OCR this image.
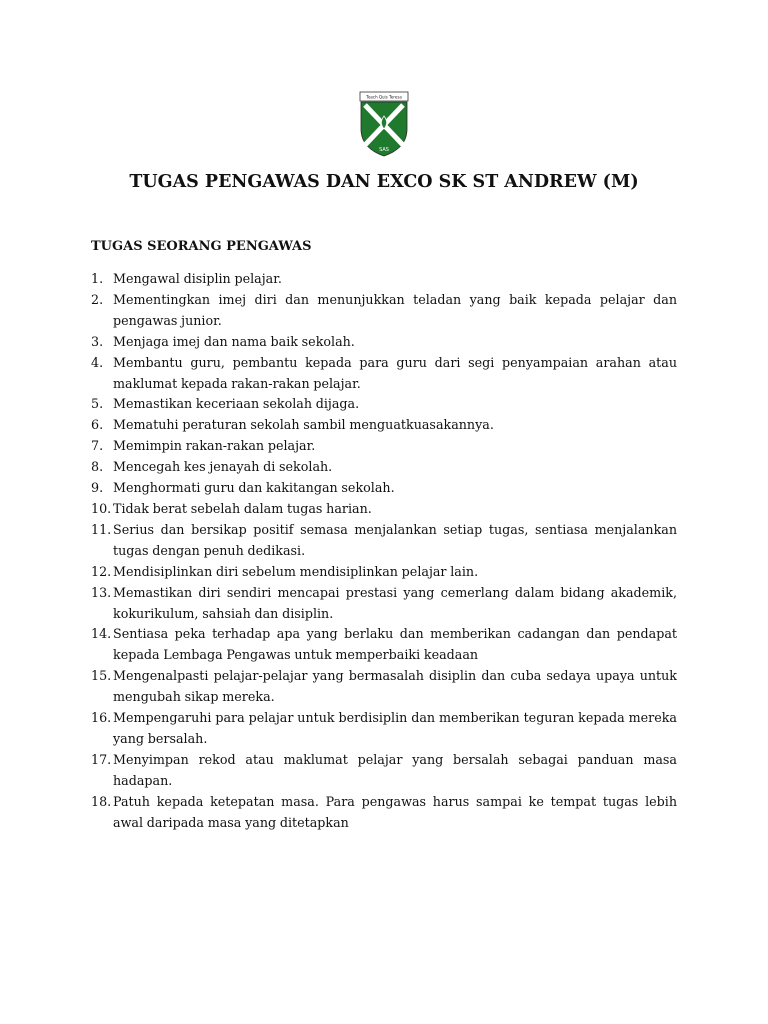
Teach Quis Teresa
SAS
TUGAS PENGAWAS DAN EXCO SK ST ANDREW (M)
TUGAS SEORANG PENGAWAS
1. Mengawal disiplin pelajar.
2. Mementingkan imej diri dan menunjukkan teladan yang baik kepada pelajar dan pengawas junior.
3. Menjaga imej dan nama baik sekolah.
4. Membantu guru, pembantu kepada para guru dari segi penyampaian arahan atau maklumat kepada rakan-rakan pelajar.
5. Memastikan keceriaan sekolah dijaga.
6. Mematuhi peraturan sekolah sambil menguatkuasakannya.
7. Memimpin rakan-rakan pelajar.
8. Mencegah kes jenayah di sekolah.
9. Menghormati guru dan kakitangan sekolah.
10. Tidak berat sebelah dalam tugas harian.
11. Serius dan bersikap positif semasa menjalankan setiap tugas, sentiasa menjalankan tugas dengan penuh dedikasi.
12. Mendisiplinkan diri sebelum mendisiplinkan pelajar lain.
13. Memastikan diri sendiri mencapai prestasi yang cemerlang dalam bidang akademik, kokurikulum, sahsiah dan disiplin.
14. Sentiasa peka terhadap apa yang berlaku dan memberikan cadangan dan pendapat kepada Lembaga Pengawas untuk memperbaiki keadaan
15. Mengenalpasti pelajar-pelajar yang bermasalah disiplin dan cuba sedaya upaya untuk mengubah sikap mereka.
16. Mempengaruhi para pelajar untuk berdisiplin dan memberikan teguran kepada mereka yang bersalah.
17. Menyimpan rekod atau maklumat pelajar yang bersalah sebagai panduan masa hadapan.
18. Patuh kepada ketepatan masa. Para pengawas harus sampai ke tempat tugas lebih awal daripada masa yang ditetapkan
